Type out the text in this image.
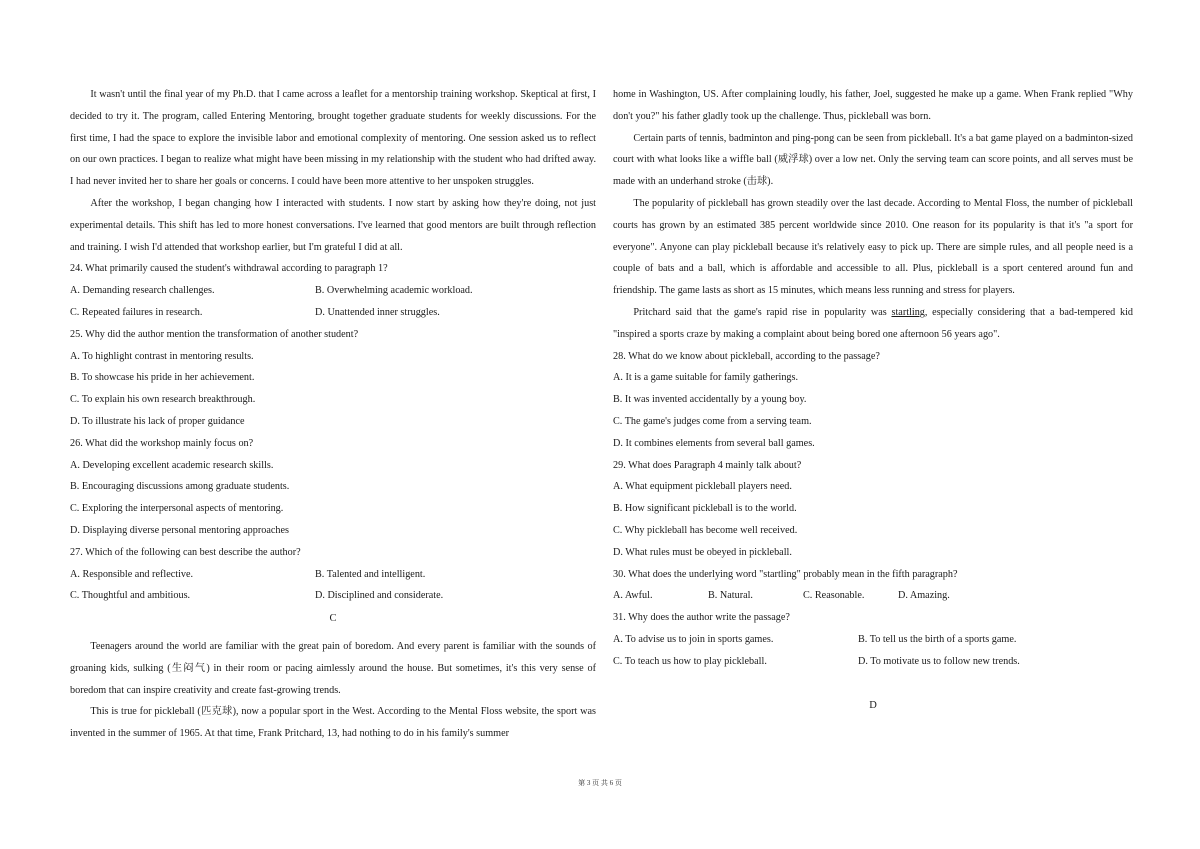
It wasn't until the final year of my Ph.D. that I came across a leaflet for a mentorship training workshop. Skeptical at first, I decided to try it. The program, called Entering Mentoring, brought together graduate students for weekly discussions. For the first time, I had the space to explore the invisible labor and emotional complexity of mentoring. One session asked us to reflect on our own practices. I began to realize what might have been missing in my relationship with the student who had drifted away. I had never invited her to share her goals or concerns. I could have been more attentive to her unspoken struggles.

After the workshop, I began changing how I interacted with students. I now start by asking how they're doing, not just experimental details. This shift has led to more honest conversations. I've learned that good mentors are built through reflection and training. I wish I'd attended that workshop earlier, but I'm grateful I did at all.

24. What primarily caused the student's withdrawal according to paragraph 1?
A. Demanding research challenges.	B. Overwhelming academic workload.
C. Repeated failures in research.	D. Unattended inner struggles.
25. Why did the author mention the transformation of another student?
A. To highlight contrast in mentoring results.
B. To showcase his pride in her achievement.
C. To explain his own research breakthrough.
D. To illustrate his lack of proper guidance
26. What did the workshop mainly focus on?
A. Developing excellent academic research skills.
B. Encouraging discussions among graduate students.
C. Exploring the interpersonal aspects of mentoring.
D. Displaying diverse personal mentoring approaches
27. Which of the following can best describe the author?
A. Responsible and reflective.	B. Talented and intelligent.
C. Thoughtful and ambitious.	D. Disciplined and considerate.
C

Teenagers around the world are familiar with the great pain of boredom. And every parent is familiar with the sounds of groaning kids, sulking (生闷气) in their room or pacing aimlessly around the house. But sometimes, it's this very sense of boredom that can inspire creativity and create fast-growing trends.

This is true for pickleball (匹克球), now a popular sport in the West. According to the Mental Floss website, the sport was invented in the summer of 1965. At that time, Frank Pritchard, 13, had nothing to do in his family's summer

home in Washington, US. After complaining loudly, his father, Joel, suggested he make up a game. When Frank replied "Why don't you?" his father gladly took up the challenge. Thus, pickleball was born.

Certain parts of tennis, badminton and ping-pong can be seen from pickleball. It's a bat game played on a badminton-sized court with what looks like a wiffle ball (威浮球) over a low net. Only the serving team can score points, and all serves must be made with an underhand stroke (击球).

The popularity of pickleball has grown steadily over the last decade. According to Mental Floss, the number of pickleball courts has grown by an estimated 385 percent worldwide since 2010. One reason for its popularity is that it's "a sport for everyone". Anyone can play pickleball because it's relatively easy to pick up. There are simple rules, and all people need is a couple of bats and a ball, which is affordable and accessible to all. Plus, pickleball is a sport centered around fun and friendship. The game lasts as short as 15 minutes, which means less running and stress for players.

Pritchard said that the game's rapid rise in popularity was startling, especially considering that a bad-tempered kid "inspired a sports craze by making a complaint about being bored one afternoon 56 years ago".

28. What do we know about pickleball, according to the passage?
A. It is a game suitable for family gatherings.
B. It was invented accidentally by a young boy.
C. The game's judges come from a serving team.
D. It combines elements from several ball games.
29. What does Paragraph 4 mainly talk about?
A. What equipment pickleball players need.
B. How significant pickleball is to the world.
C. Why pickleball has become well received.
D. What rules must be obeyed in pickleball.
30. What does the underlying word "startling" probably mean in the fifth paragraph?
A. Awful.	B. Natural.	C. Reasonable.	D. Amazing.
31. Why does the author write the passage?
A. To advise us to join in sports games.	B. To tell us the birth of a sports game.
C. To teach us how to play pickleball.	D. To motivate us to follow new trends.
D
第 3 页 共 6 页
